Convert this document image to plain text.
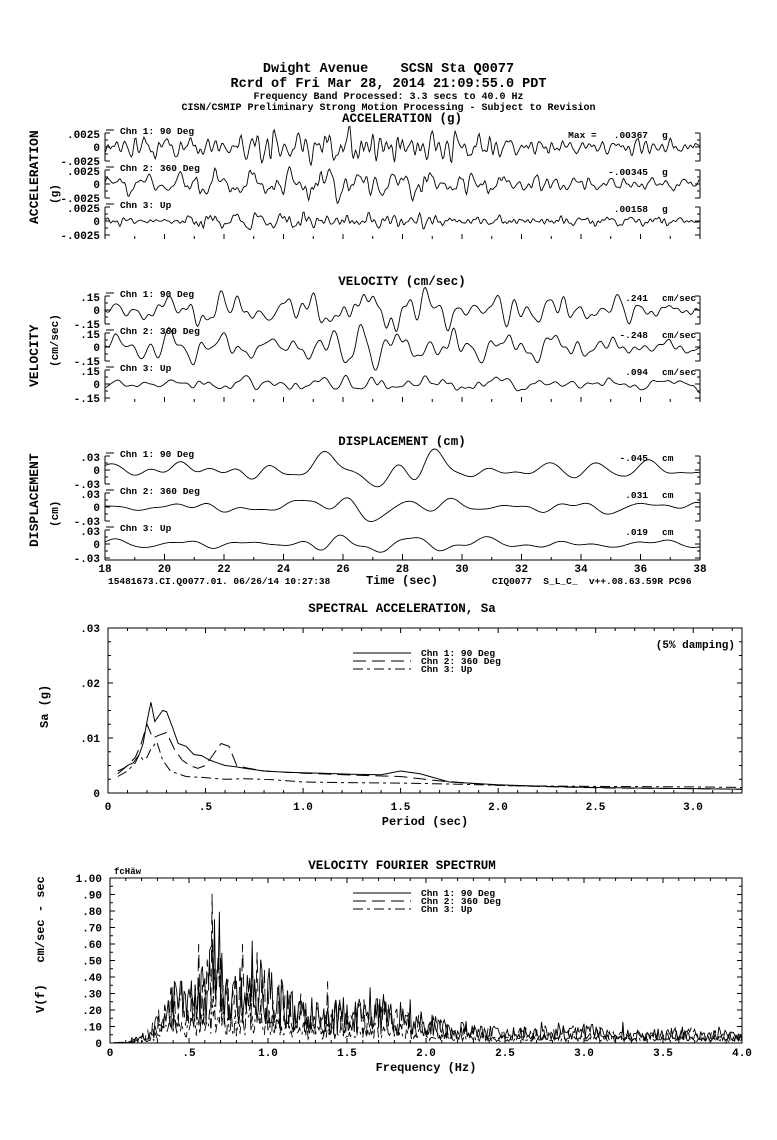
Dwight Avenue    SCSN Sta Q0077
Rcrd of Fri Mar 28, 2014 21:09:55.0 PDT
Frequency Band Processed: 3.3 secs to 40.0 Hz
CISN/CSMIP Preliminary Strong Motion Processing - Subject to Revision
ACCELERATION (g)
Chn 1: 90 Deg
.0025
0
-.0025
Max =   .00367 g
Chn 2: 360 Deg
.0025
0
-.0025
-.00345 g
Chn 3: Up
.0025
0
-.0025
.00158 g
ACCELERATION (g)
VELOCITY (cm/sec)
Chn 1: 90 Deg
.15
0
-.15
.241 cm/sec
Chn 2: 360 Deg
.15
0
-.15
-.248 cm/sec
Chn 3: Up
.15
0
-.15
.094 cm/sec
VELOCITY (cm/sec)
DISPLACEMENT (cm)
Chn 1: 90 Deg
.03
0
-.03
-.045 cm
Chn 2: 360 Deg
.03
0
-.03
.031 cm
Chn 3: Up
.03
0
-.03
.019 cm
DISPLACEMENT (cm)
18	20	22	24	26	28	30	32	34	36	38
15481673.CI.Q0077.01. 06/26/14 10:27:38	Time (sec)	CIQ0077  S_L_C_  v++.08.63.59R PC96
SPECTRAL ACCELERATION, Sa
.03
.02
.01
0
0	.5	1.0	1.5	2.0	2.5	3.0
Period (sec)
Sa (g)
(5% damping)
Chn 1: 90 Deg
Chn 2: 360 Deg
Chn 3: Up
VELOCITY FOURIER SPECTRUM
fcHäw
1.00
.90
.80
.70
.60
.50
.40
.30
.20
.10
0
0	.5	1.0	1.5	2.0	2.5	3.0	3.5	4.0
Frequency (Hz)
V(f)   cm/sec - sec	Chn 1: 90 Deg
Chn 2: 360 Deg
Chn 3: Up
